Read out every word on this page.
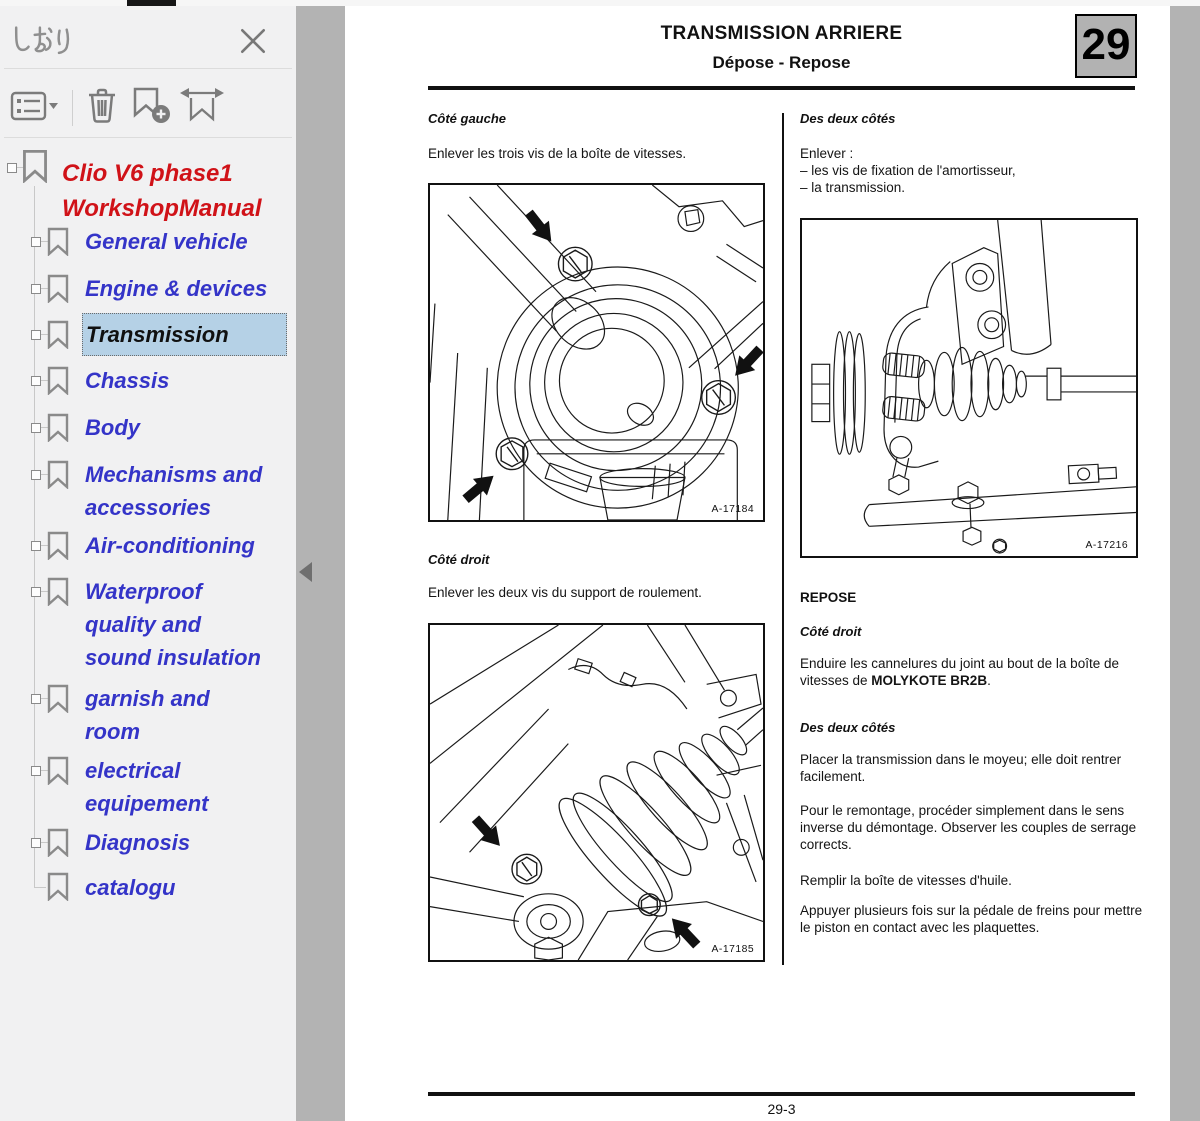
Clio V6 phase1
WorkshopManual
General vehicle
Engine & devices
Transmission
Chassis
Body
Mechanisms and
accessories
Air-conditioning
Waterproof
quality and
sound insulation
garnish and
room
electrical
equipement
Diagnosis
catalogu
TRANSMISSION ARRIERE
Dépose - Repose	29
Côté gauche
Enlever les trois vis de la boîte de vitesses.
A-17184
Côté droit
Enlever les deux vis du support de roulement.
A-17185
Des deux côtés
Enlever :
– les vis de fixation de l'amortisseur,
– la transmission.
A-17216
REPOSE
Côté droit
Enduire les cannelures du joint au bout de la boîte de vitesses de MOLYKOTE BR2B.
Des deux côtés
Placer la transmission dans le moyeu; elle doit rentrer facilement.
Pour le remontage, procéder simplement dans le sens inverse du démontage. Observer les couples de serrage corrects.
Remplir la boîte de vitesses d'huile.
Appuyer plusieurs fois sur la pédale de freins pour mettre le piston en contact avec les plaquettes.
29-3
